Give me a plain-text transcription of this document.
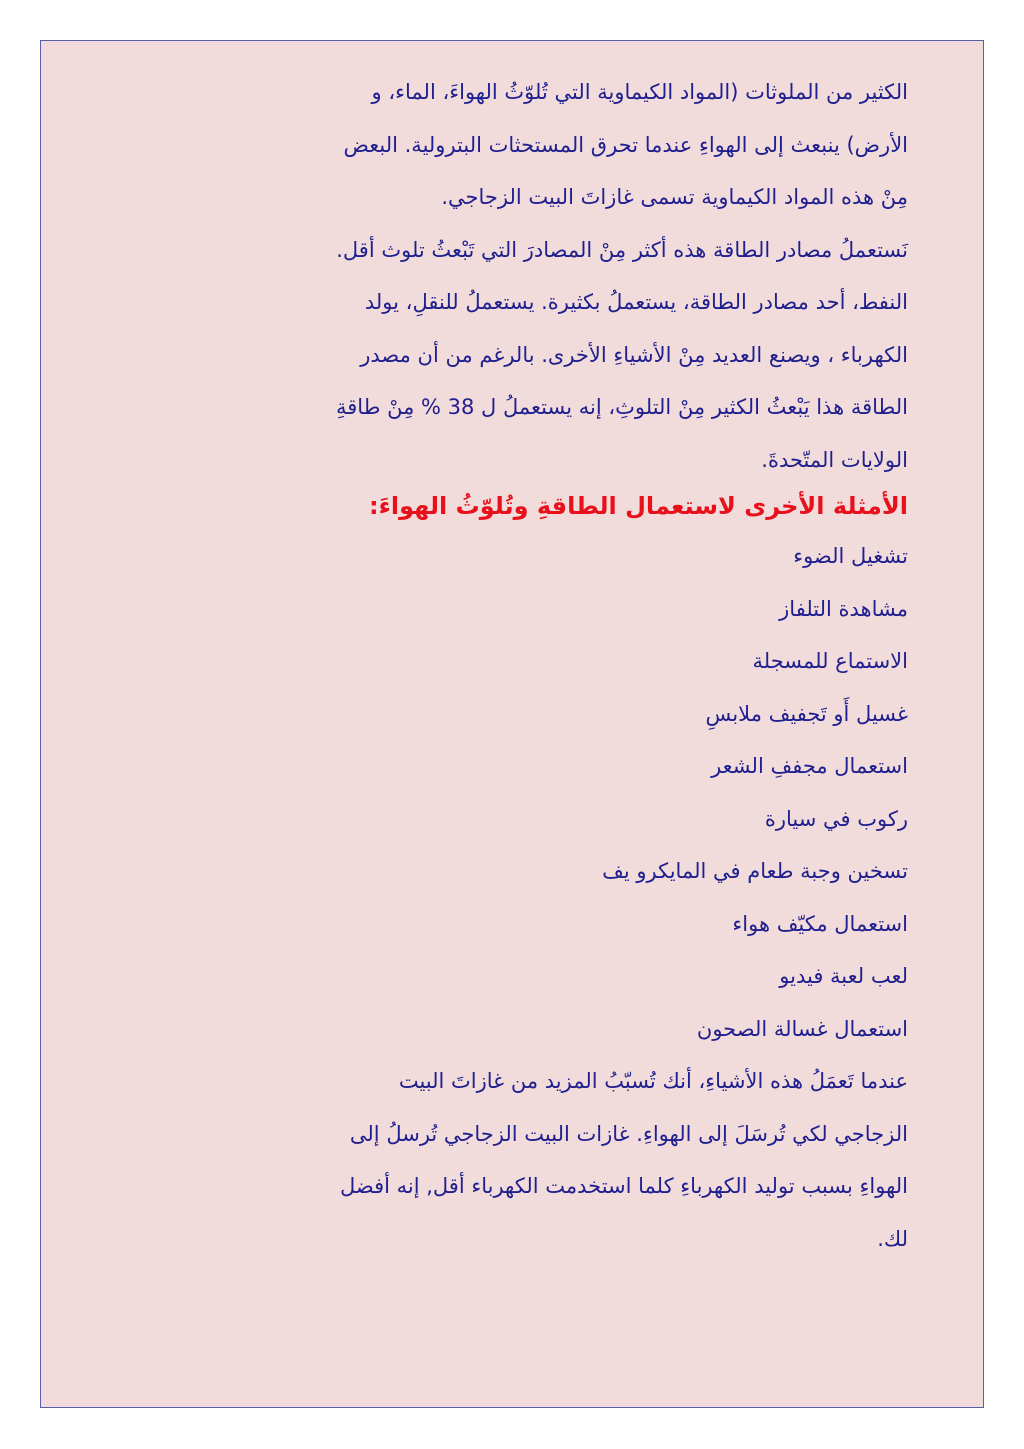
الكثير من الملوثات (المواد الكيماوية التي تُلوّثُ الهواءَ، الماء، و
الأرض) ينبعث إلى الهواءِ عندما تحرق المستحثات البترولية. البعض
مِنْ هذه المواد الكيماوية تسمى غازاتَ البيت الزجاجي.
نَستعملُ مصادر الطاقة هذه أكثر مِنْ المصادرَ التي تَبْعثُ تلوث أقل.
النفط، أحد مصادر الطاقة، يستعملُ بكثيرة. يستعملُ للنقلِ، يولد
الكهرباء ، ويصنع العديد مِنْ الأشياءِ الأخرى. بالرغم من أن مصدر
الطاقة هذا يَبْعثُ الكثير مِنْ التلوثِ، إنه يستعملُ ل 38 % مِنْ طاقةِ
الولايات المتّحدةَ.

الأمثلة الأخرى لاستعمال الطاقةِ وتُلوّثُ الهواءَ:
تشغيل الضوء
مشاهدة التلفاز
الاستماع للمسجلة
غسيل أَو تَجفيف ملابسِ
استعمال مجففِ الشعر
ركوب في سيارة
تسخين وجبة طعام في المايكرو يف
استعمال مكيّف هواء
لعب لعبة فيديو
استعمال غسالة الصحون

عندما تَعمَلُ هذه الأشياءِ، أنك تُسبّبُ المزيد من غازاتَ البيت
الزجاجي لكي تُرسَلَ إلى الهواءِ. غازات البيت الزجاجي تُرسلُ إلى
الهواءِ بسبب توليد الكهرباءِ كلما استخدمت الكهرباء أقل, إنه أفضل
لك.
